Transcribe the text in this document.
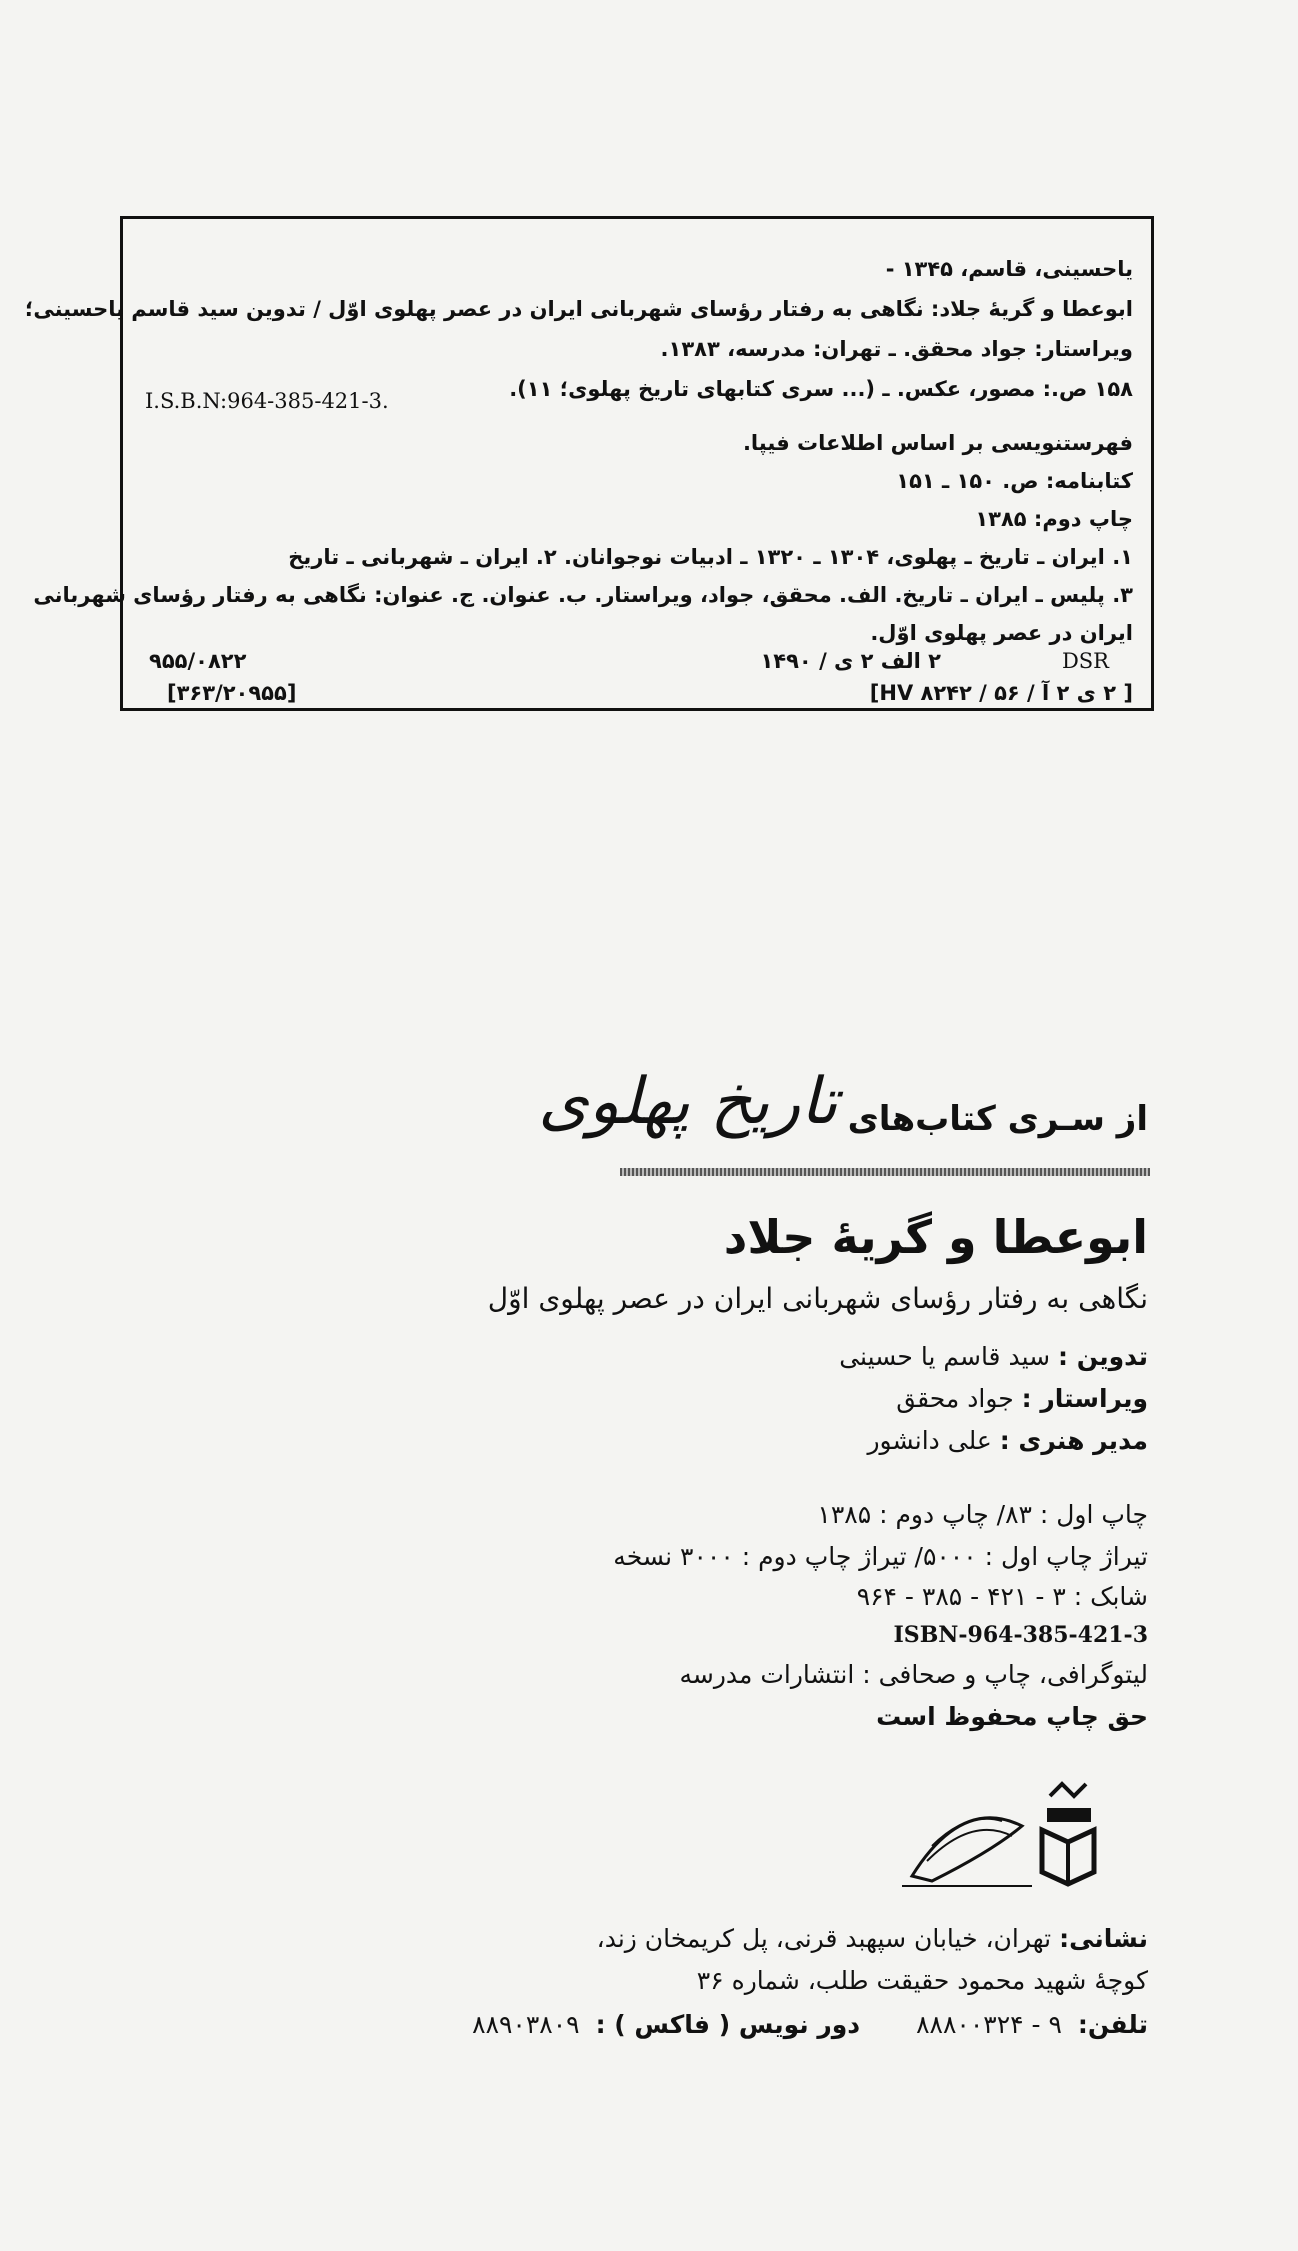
یاحسینی، قاسم، ۱۳۴۵ -
ابوعطا و گریهٔ جلاد: نگاهی به رفتار رؤسای شهربانی ایران در عصر پهلوی اوّل / تدوین سید قاسم یاحسینی؛
ویراستار: جواد محقق. ـ تهران: مدرسه، ۱۳۸۳.
۱۵۸ ص.: مصور، عکس. ـ (... سری کتابهای تاریخ پهلوی؛ ۱۱).
I.S.B.N:964-385-421-3.
فهرستنویسی بر اساس اطلاعات فیپا.
کتابنامه: ص. ۱۵۰ ـ ۱۵۱
چاپ دوم: ۱۳۸۵
۱. ایران ـ تاریخ ـ پهلوی، ۱۳۰۴ ـ ۱۳۲۰ ـ ادبیات نوجوانان. ۲. ایران ـ شهربانی ـ تاریخ
۳. پلیس ـ ایران ـ تاریخ. الف. محقق، جواد، ویراستار. ب. عنوان. ج. عنوان: نگاهی به رفتار رؤسای شهربانی
ایران در عصر پهلوی اوّل.
۲ الف ۲ ی / ۱۴۹۰	DSR
[ ۲ ی ۲ آ / ۵۶ / HV ۸۲۴۲]
۹۵۵/۰۸۲۲
[۳۶۳/۲۰۹۵۵]
از سـری کتاب‌های
تاریخ پهلوی
ابوعطا و گریهٔ جلاد
نگاهی به رفتار رؤسای شهربانی ایران در عصر پهلوی اوّل
تدوین : سید قاسم یا حسینی
ویراستار : جواد محقق
مدیر هنری : علی دانشور
چاپ اول : ۸۳/ چاپ دوم : ۱۳۸۵
تیراژ چاپ اول : ۵۰۰۰/ تیراژ چاپ دوم : ۳۰۰۰ نسخه
شابک : ۳ - ۴۲۱ - ۳۸۵ - ۹۶۴
ISBN-964-385-421-3
لیتوگرافی، چاپ و صحافی : انتشارات مدرسه
حق چاپ محفوظ است
نشانی: تهران، خیابان سپهبد قرنی، پل کریمخان زند،
کوچهٔ شهید محمود حقیقت طلب، شماره ۳۶
تلفن:
۹ - ۸۸۸۰۰۳۲۴
دور نویس ( فاکس ) :
۸۸۹۰۳۸۰۹
